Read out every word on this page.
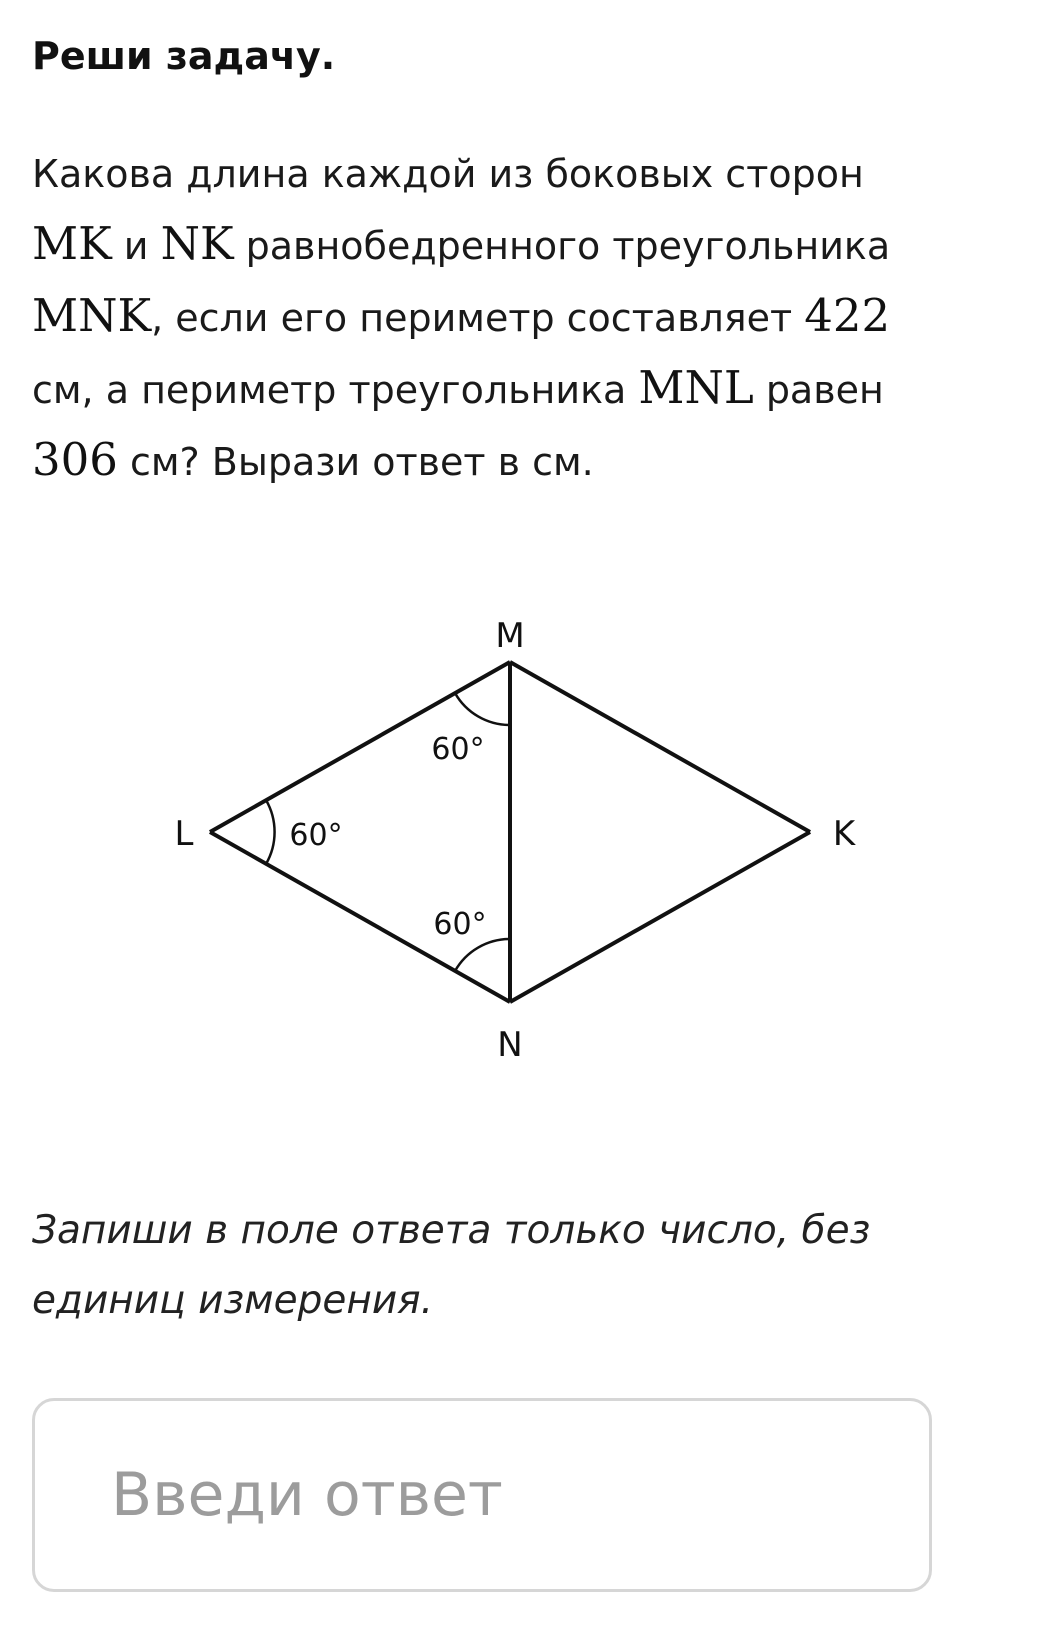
Реши задачу.
Какова длина каждой из боковых сторон
MK и NK равнобедренного треугольника
MNK, если его периметр составляет 422
см, а периметр треугольника MNL равен
306 см? Вырази ответ в см.
M
N
L	K
60°
60°
60°
Запиши в поле ответа только число, без единиц измерения.
Введи ответ
